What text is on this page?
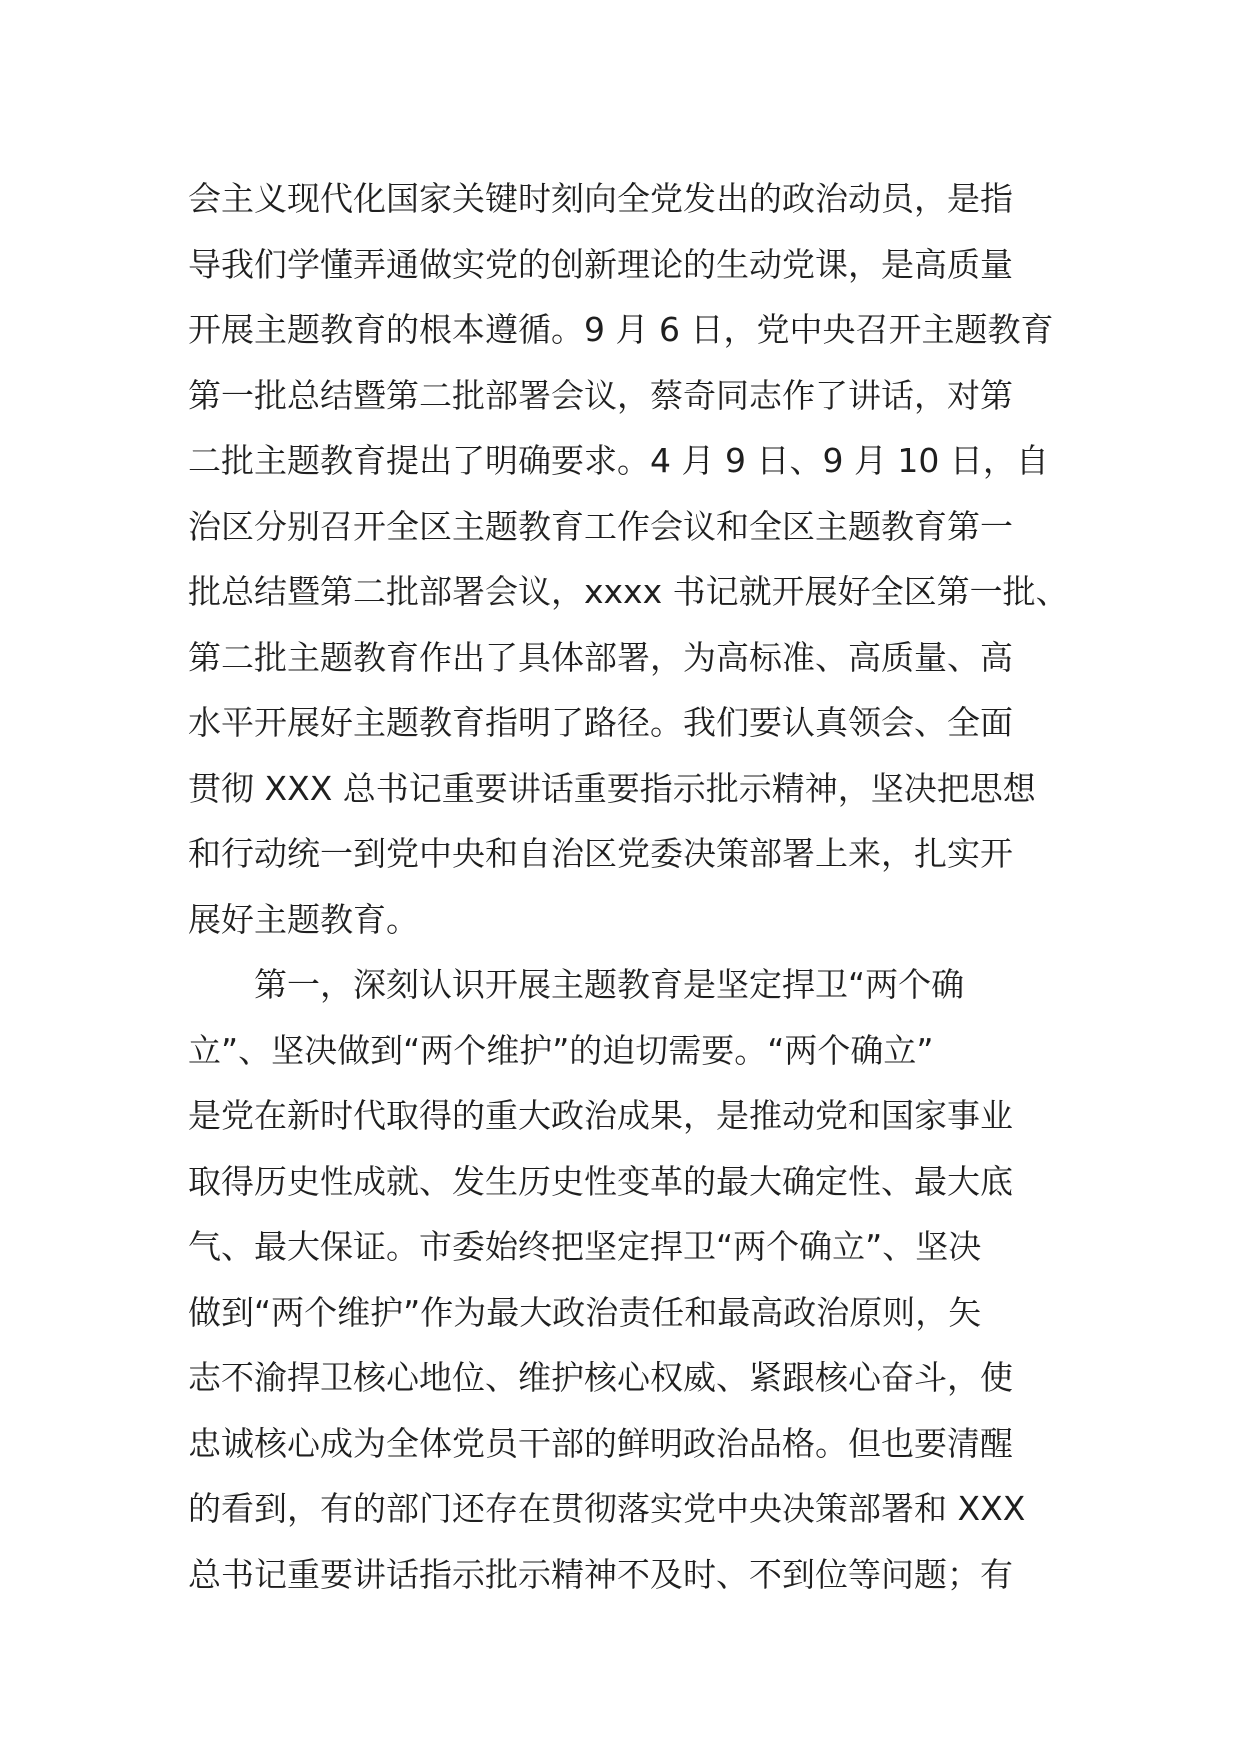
会主义现代化国家关键时刻向全党发出的政治动员，是指
导我们学懂弄通做实党的创新理论的生动党课，是高质量
开展主题教育的根本遵循。9 月 6 日，党中央召开主题教育
第一批总结暨第二批部署会议，蔡奇同志作了讲话，对第
二批主题教育提出了明确要求。4 月 9 日、9 月 10 日，自
治区分别召开全区主题教育工作会议和全区主题教育第一
批总结暨第二批部署会议，xxxx 书记就开展好全区第一批、
第二批主题教育作出了具体部署，为高标准、高质量、高
水平开展好主题教育指明了路径。我们要认真领会、全面
贯彻 XXX 总书记重要讲话重要指示批示精神，坚决把思想
和行动统一到党中央和自治区党委决策部署上来，扎实开
展好主题教育。
第一，深刻认识开展主题教育是坚定捍卫“两个确
立”、坚决做到“两个维护”的迫切需要。“两个确立”
是党在新时代取得的重大政治成果，是推动党和国家事业
取得历史性成就、发生历史性变革的最大确定性、最大底
气、最大保证。市委始终把坚定捍卫“两个确立”、坚决
做到“两个维护”作为最大政治责任和最高政治原则，矢
志不渝捍卫核心地位、维护核心权威、紧跟核心奋斗，使
忠诚核心成为全体党员干部的鲜明政治品格。但也要清醒
的看到，有的部门还存在贯彻落实党中央决策部署和 XXX
总书记重要讲话指示批示精神不及时、不到位等问题；有
